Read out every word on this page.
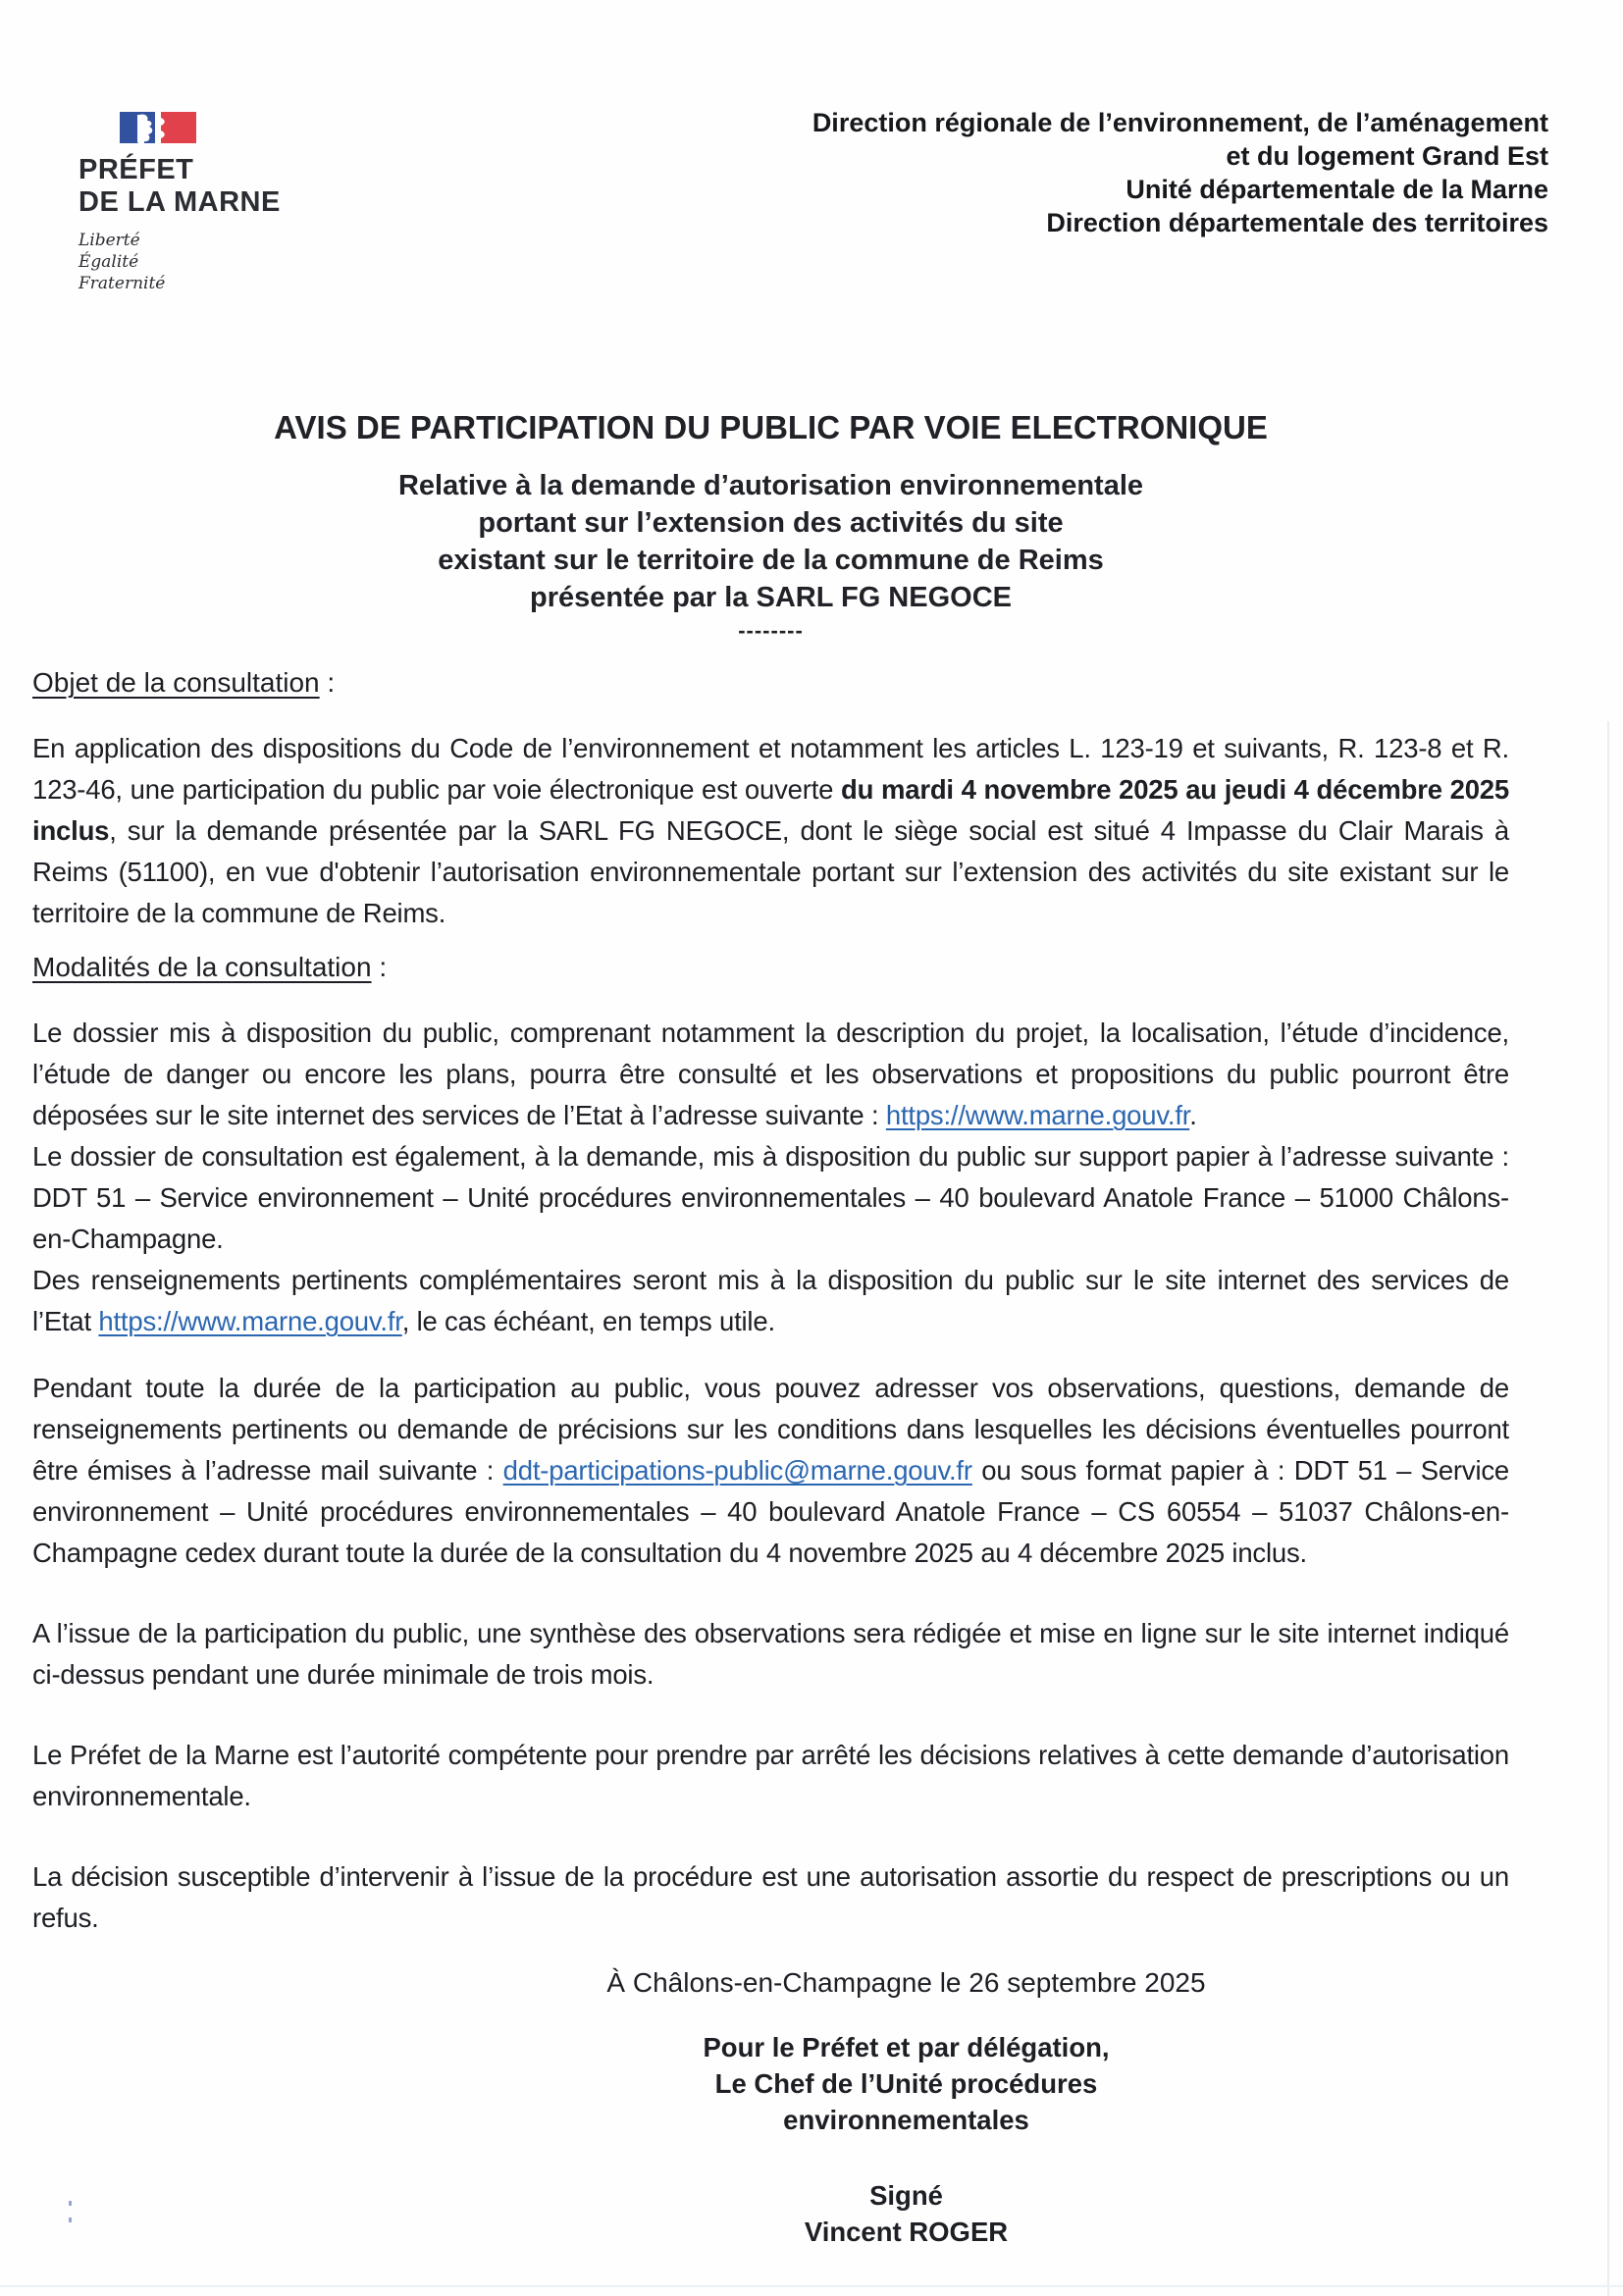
PRÉFET
DE LA MARNE
Liberté
Égalité
Fraternité
Direction régionale de l’environnement, de l’aménagement
et du logement Grand Est
Unité départementale de la Marne
Direction départementale des territoires
AVIS DE PARTICIPATION DU PUBLIC PAR VOIE ELECTRONIQUE
Relative à la demande d’autorisation environnementale
portant sur l’extension des activités du site
existant sur le territoire de la commune de Reims
présentée par la SARL FG NEGOCE
--------
Objet de la consultation :

En application des dispositions du Code de l’environnement et notamment les articles L. 123-19 et suivants, R. 123-8 et R. 123-46, une participation du public par voie électronique est ouverte du mardi 4 novembre 2025 au jeudi 4 décembre 2025 inclus, sur la demande présentée par la SARL FG NEGOCE, dont le siège social est situé 4 Impasse du Clair Marais à Reims (51100), en vue d'obtenir l’autorisation environnementale portant sur l’extension des activités du site existant sur le territoire de la commune de Reims.

Modalités de la consultation :

Le dossier mis à disposition du public, comprenant notamment la description du projet, la localisation, l’étude d’incidence, l’étude de danger ou encore les plans, pourra être consulté et les observations et propositions du public pourront être déposées sur le site internet des services de l’Etat à l’adresse suivante : https://www.marne.gouv.fr.
Le dossier de consultation est également, à la demande, mis à disposition du public sur support papier à l’adresse suivante : DDT 51 – Service environnement – Unité procédures environnementales – 40 boulevard Anatole France – 51000 Châlons-en-Champagne.
Des renseignements pertinents complémentaires seront mis à la disposition du public sur le site internet des services de l’Etat https://www.marne.gouv.fr, le cas échéant, en temps utile.

Pendant toute la durée de la participation au public, vous pouvez adresser vos observations, questions, demande de renseignements pertinents ou demande de précisions sur les conditions dans lesquelles les décisions éventuelles pourront être émises à l’adresse mail suivante : ddt-participations-public@marne.gouv.fr ou sous format papier à : DDT 51 – Service environnement – Unité procédures environnementales – 40 boulevard Anatole France – CS 60554 – 51037 Châlons-en-Champagne cedex durant toute la durée de la consultation du 4 novembre 2025 au 4 décembre 2025 inclus.

A l’issue de la participation du public, une synthèse des observations sera rédigée et mise en ligne sur le site internet indiqué ci-dessus pendant une durée minimale de trois mois.

Le Préfet de la Marne est l’autorité compétente pour prendre par arrêté les décisions relatives à cette demande d’autorisation environnementale.

La décision susceptible d’intervenir à l’issue de la procédure est une autorisation assortie du respect de prescriptions ou un refus.

À Châlons-en-Champagne le 26 septembre 2025
Pour le Préfet et par délégation,
Le Chef de l’Unité procédures
environnementales
Signé
Vincent ROGER
